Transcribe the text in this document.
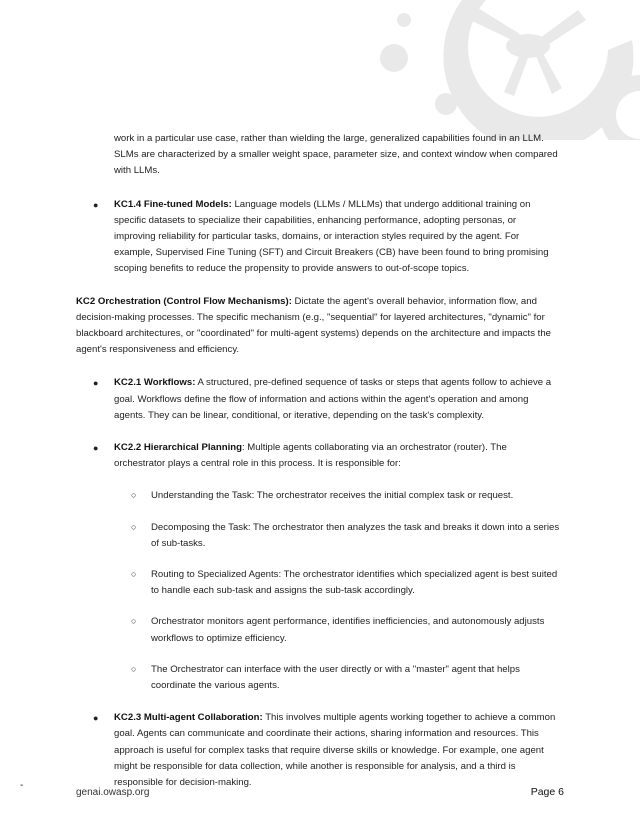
work in a particular use case, rather than wielding the large, generalized capabilities found in an LLM. SLMs are characterized by a smaller weight space, parameter size, and context window when compared with LLMs.

● KC1.4 Fine-tuned Models: Language models (LLMs / MLLMs) that undergo additional training on specific datasets to specialize their capabilities, enhancing performance, adopting personas, or improving reliability for particular tasks, domains, or interaction styles required by the agent. For example, Supervised Fine Tuning (SFT) and Circuit Breakers (CB) have been found to bring promising scoping benefits to reduce the propensity to provide answers to out-of-scope topics.

KC2 Orchestration (Control Flow Mechanisms): Dictate the agent's overall behavior, information flow, and decision-making processes. The specific mechanism (e.g., "sequential" for layered architectures, "dynamic" for blackboard architectures, or "coordinated" for multi-agent systems) depends on the architecture and impacts the agent's responsiveness and efficiency.

● KC2.1 Workflows: A structured, pre-defined sequence of tasks or steps that agents follow to achieve a goal. Workflows define the flow of information and actions within the agent's operation and among agents. They can be linear, conditional, or iterative, depending on the task's complexity.
● KC2.2 Hierarchical Planning: Multiple agents collaborating via an orchestrator (router). The orchestrator plays a central role in this process. It is responsible for:
○ Understanding the Task: The orchestrator receives the initial complex task or request.
○ Decomposing the Task: The orchestrator then analyzes the task and breaks it down into a series of sub-tasks.
○ Routing to Specialized Agents: The orchestrator identifies which specialized agent is best suited to handle each sub-task and assigns the sub-task accordingly.
○ Orchestrator monitors agent performance, identifies inefficiencies, and autonomously adjusts workflows to optimize efficiency.
○ The Orchestrator can interface with the user directly or with a "master" agent that helps coordinate the various agents.
● KC2.3 Multi-agent Collaboration: This involves multiple agents working together to achieve a common goal. Agents can communicate and coordinate their actions, sharing information and resources. This approach is useful for complex tasks that require diverse skills or knowledge. For example, one agent might be responsible for data collection, while another is responsible for analysis, and a third is responsible for decision-making.
-
genai.owasp.org	Page 6
